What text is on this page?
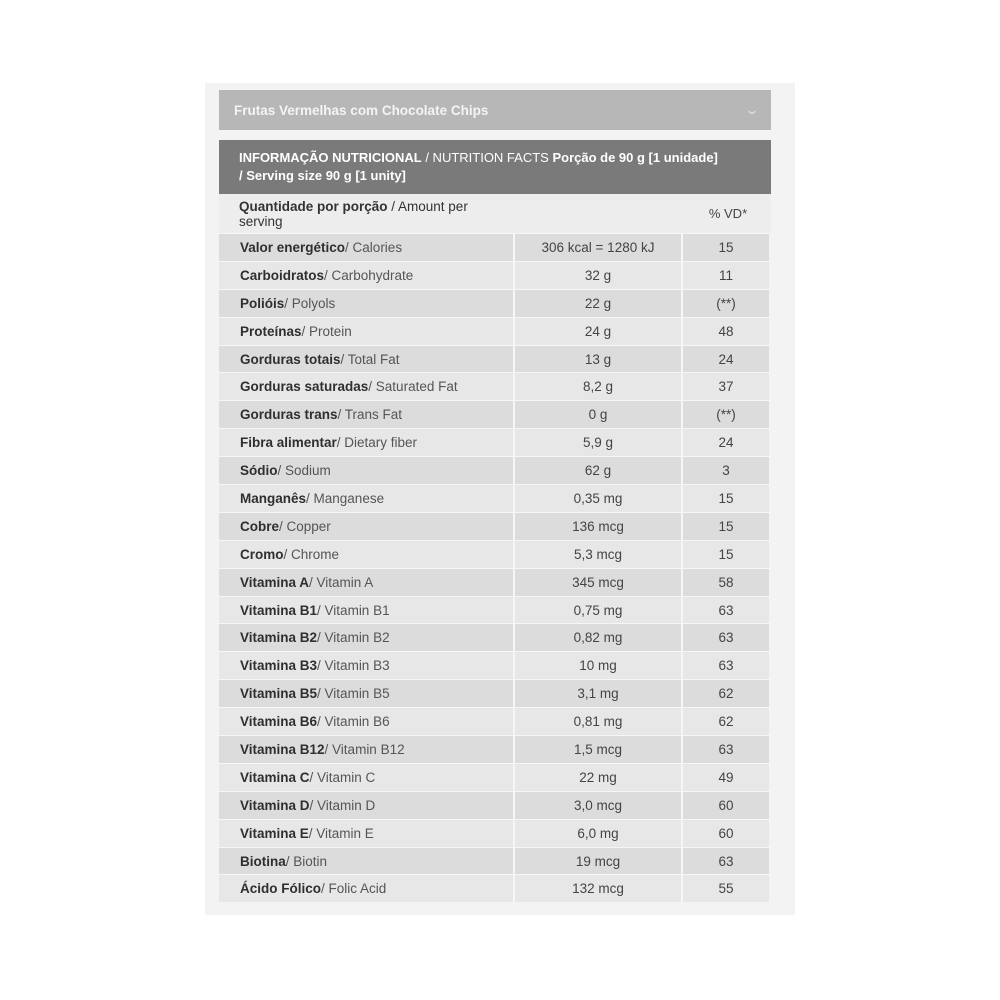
Frutas Vermelhas com Chocolate Chips	⌄
INFORMAÇÃO NUTRICIONAL / NUTRITION FACTS Porção de 90 g [1 unidade]
/ Serving size 90 g [1 unity]
Quantidade por porção / Amount per serving	% VD*
Valor energético / Calories	306 kcal = 1280 kJ	15
Carboidratos / Carbohydrate	32 g	11
Polióis / Polyols	22 g	(**)
Proteínas / Protein	24 g	48
Gorduras totais / Total Fat	13 g	24
Gorduras saturadas / Saturated Fat	8,2 g	37
Gorduras trans / Trans Fat	0 g	(**)
Fibra alimentar / Dietary fiber	5,9 g	24
Sódio / Sodium	62 g	3
Manganês / Manganese	0,35 mg	15
Cobre / Copper	136 mcg	15
Cromo / Chrome	5,3 mcg	15
Vitamina A / Vitamin A	345 mcg	58
Vitamina B1 / Vitamin B1	0,75 mg	63
Vitamina B2 / Vitamin B2	0,82 mg	63
Vitamina B3 / Vitamin B3	10 mg	63
Vitamina B5 / Vitamin B5	3,1 mg	62
Vitamina B6 / Vitamin B6	0,81 mg	62
Vitamina B12 / Vitamin B12	1,5 mcg	63
Vitamina C / Vitamin C	22 mg	49
Vitamina D / Vitamin D	3,0 mcg	60
Vitamina E / Vitamin E	6,0 mg	60
Biotina / Biotin	19 mcg	63
Ácido Fólico / Folic Acid	132 mcg	55
